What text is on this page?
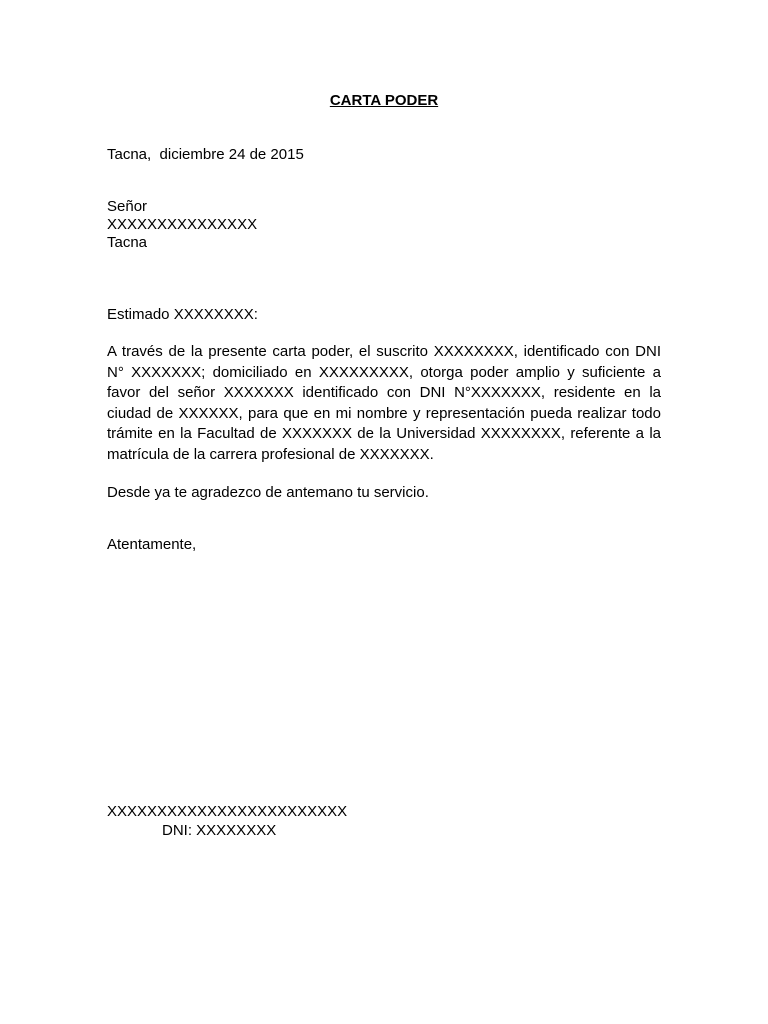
CARTA PODER
Tacna,  diciembre 24 de 2015
Señor
XXXXXXXXXXXXXXX
Tacna
Estimado XXXXXXXX:
A través de la presente carta poder, el suscrito XXXXXXXX, identificado con DNI N° XXXXXXX; domiciliado en XXXXXXXXX, otorga poder amplio y suficiente a favor del señor XXXXXXX identificado con DNI N°XXXXXXX, residente en la ciudad de XXXXXX, para que en mi nombre y representación pueda realizar todo trámite en la Facultad de XXXXXXX de la Universidad XXXXXXXX, referente a la matrícula de la carrera profesional de XXXXXXX.
Desde ya te agradezco de antemano tu servicio.
Atentamente,
XXXXXXXXXXXXXXXXXXXXXXXX
DNI: XXXXXXXX
